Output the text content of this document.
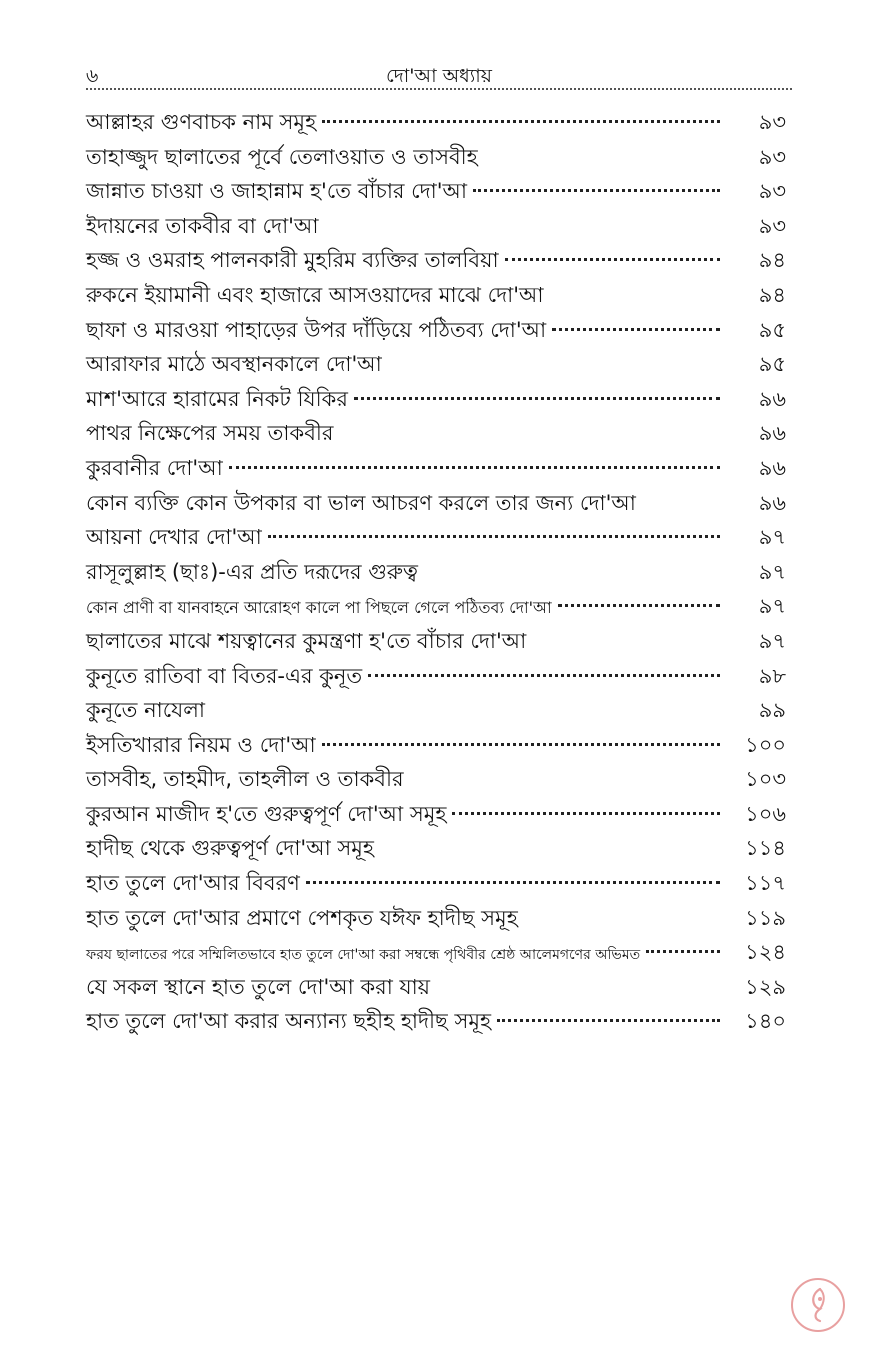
৬	দো'আ অধ্যায়
আল্লাহর গুণবাচক নাম সমূহ	৯৩
তাহাজ্জুদ ছালাতের পূর্বে তেলাওয়াত ও তাসবীহ	৯৩
জান্নাত চাওয়া ও জাহান্নাম হ'তে বাঁচার দো'আ	৯৩
ইদায়নের তাকবীর বা দো'আ	৯৩
হজ্জ ও ওমরাহ পালনকারী মুহরিম ব্যক্তির তালবিয়া	৯৪
রুকনে ইয়ামানী এবং হাজারে আসওয়াদের মাঝে দো'আ	৯৪
ছাফা ও মারওয়া পাহাড়ের উপর দাঁড়িয়ে পঠিতব্য দো'আ	৯৫
আরাফার মাঠে অবস্থানকালে দো'আ	৯৫
মাশ'আরে হারামের নিকট যিকির	৯৬
পাথর নিক্ষেপের সময় তাকবীর	৯৬
কুরবানীর দো'আ	৯৬
কোন ব্যক্তি কোন উপকার বা ভাল আচরণ করলে তার জন্য দো'আ	৯৬
আয়না দেখার দো'আ	৯৭
রাসূলুল্লাহ (ছাঃ)-এর প্রতি দরূদের গুরুত্ব	৯৭
কোন প্রাণী বা যানবাহনে আরোহণ কালে পা পিছলে গেলে পঠিতব্য দো'আ	৯৭
ছালাতের মাঝে শয়ত্বানের কুমন্ত্রণা হ'তে বাঁচার দো'আ	৯৭
কুনূতে রাতিবা বা বিতর-এর কুনূত	৯৮
কুনূতে নাযেলা	৯৯
ইসতিখারার নিয়ম ও দো'আ	১০০
তাসবীহ, তাহমীদ, তাহলীল ও তাকবীর	১০৩
কুরআন মাজীদ হ'তে গুরুত্বপূর্ণ দো'আ সমূহ	১০৬
হাদীছ থেকে গুরুত্বপূর্ণ দো'আ সমূহ	১১৪
হাত তুলে দো'আর বিবরণ	১১৭
হাত তুলে দো'আর প্রমাণে পেশকৃত যঈফ হাদীছ সমূহ	১১৯
ফরয ছালাতের পরে সম্মিলিতভাবে হাত তুলে দো'আ করা সম্বন্ধে পৃথিবীর শ্রেষ্ঠ আলেমগণের অভিমত	১২৪
যে সকল স্থানে হাত তুলে দো'আ করা যায়	১২৯
হাত তুলে দো'আ করার অন্যান্য ছহীহ হাদীছ সমূহ	১৪০
